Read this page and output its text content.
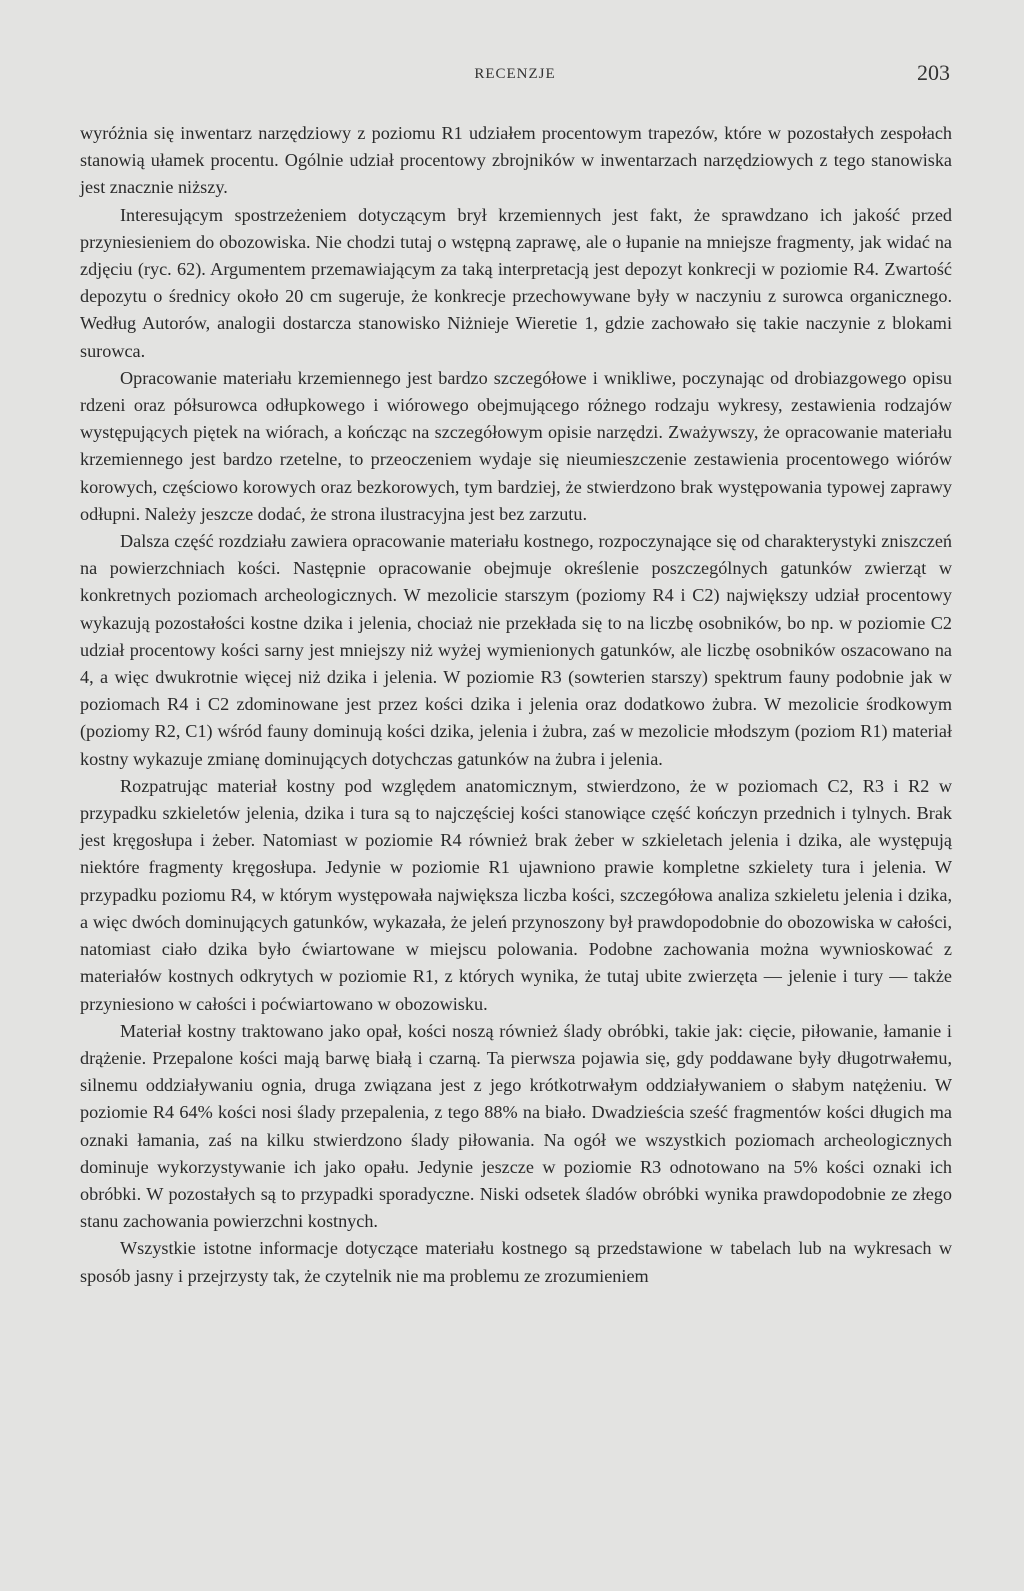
RECENZJE	203

wyróżnia się inwentarz narzędziowy z poziomu R1 udziałem procentowym trapezów, które w pozostałych zespołach stanowią ułamek procentu. Ogólnie udział procentowy zbrojników w inwentarzach narzędziowych z tego stanowiska jest znacznie niższy.

Interesującym spostrzeżeniem dotyczącym brył krzemiennych jest fakt, że sprawdzano ich jakość przed przyniesieniem do obozowiska. Nie chodzi tutaj o wstępną zaprawę, ale o łupanie na mniejsze fragmenty, jak widać na zdjęciu (ryc. 62). Argumentem przemawiającym za taką interpretacją jest depozyt konkrecji w poziomie R4. Zwartość depozytu o średnicy około 20 cm sugeruje, że konkrecje przechowywane były w naczyniu z surowca organicznego. Według Autorów, analogii dostarcza stanowisko Niżnieje Wieretie 1, gdzie zachowało się takie naczynie z blokami surowca.

Opracowanie materiału krzemiennego jest bardzo szczegółowe i wnikliwe, poczynając od drobiazgowego opisu rdzeni oraz półsurowca odłupkowego i wiórowego obejmującego różnego rodzaju wykresy, zestawienia rodzajów występujących piętek na wiórach, a kończąc na szczegółowym opisie narzędzi. Zważywszy, że opracowanie materiału krzemiennego jest bardzo rzetelne, to przeoczeniem wydaje się nieumieszczenie zestawienia procentowego wiórów korowych, częściowo korowych oraz bezkorowych, tym bardziej, że stwierdzono brak występowania typowej zaprawy odłupni. Należy jeszcze dodać, że strona ilustracyjna jest bez zarzutu.

Dalsza część rozdziału zawiera opracowanie materiału kostnego, rozpoczynające się od charakterystyki zniszczeń na powierzchniach kości. Następnie opracowanie obejmuje określenie poszczególnych gatunków zwierząt w konkretnych poziomach archeologicznych. W mezolicie starszym (poziomy R4 i C2) największy udział procentowy wykazują pozostałości kostne dzika i jelenia, chociaż nie przekłada się to na liczbę osobników, bo np. w poziomie C2 udział procentowy kości sarny jest mniejszy niż wyżej wymienionych gatunków, ale liczbę osobników oszacowano na 4, a więc dwukrotnie więcej niż dzika i jelenia. W poziomie R3 (sowterien starszy) spektrum fauny podobnie jak w poziomach R4 i C2 zdominowane jest przez kości dzika i jelenia oraz dodatkowo żubra. W mezolicie środkowym (poziomy R2, C1) wśród fauny dominują kości dzika, jelenia i żubra, zaś w mezolicie młodszym (poziom R1) materiał kostny wykazuje zmianę dominujących dotychczas gatunków na żubra i jelenia.

Rozpatrując materiał kostny pod względem anatomicznym, stwierdzono, że w poziomach C2, R3 i R2 w przypadku szkieletów jelenia, dzika i tura są to najczęściej kości stanowiące część kończyn przednich i tylnych. Brak jest kręgosłupa i żeber. Natomiast w poziomie R4 również brak żeber w szkieletach jelenia i dzika, ale występują niektóre fragmenty kręgosłupa. Jedynie w poziomie R1 ujawniono prawie kompletne szkielety tura i jelenia. W przypadku poziomu R4, w którym występowała największa liczba kości, szczegółowa analiza szkieletu jelenia i dzika, a więc dwóch dominujących gatunków, wykazała, że jeleń przynoszony był prawdopodobnie do obozowiska w całości, natomiast ciało dzika było ćwiartowane w miejscu polowania. Podobne zachowania można wywnioskować z materiałów kostnych odkrytych w poziomie R1, z których wynika, że tutaj ubite zwierzęta — jelenie i tury — także przyniesiono w całości i poćwiartowano w obozowisku.

Materiał kostny traktowano jako opał, kości noszą również ślady obróbki, takie jak: cięcie, piłowanie, łamanie i drążenie. Przepalone kości mają barwę białą i czarną. Ta pierwsza pojawia się, gdy poddawane były długotrwałemu, silnemu oddziaływaniu ognia, druga związana jest z jego krótkotrwałym oddziaływaniem o słabym natężeniu. W poziomie R4 64% kości nosi ślady przepalenia, z tego 88% na biało. Dwadzieścia sześć fragmentów kości długich ma oznaki łamania, zaś na kilku stwierdzono ślady piłowania. Na ogół we wszystkich poziomach archeologicznych dominuje wykorzystywanie ich jako opału. Jedynie jeszcze w poziomie R3 odnotowano na 5% kości oznaki ich obróbki. W pozostałych są to przypadki sporadyczne. Niski odsetek śladów obróbki wynika prawdopodobnie ze złego stanu zachowania powierzchni kostnych.

Wszystkie istotne informacje dotyczące materiału kostnego są przedstawione w tabelach lub na wykresach w sposób jasny i przejrzysty tak, że czytelnik nie ma problemu ze zrozumieniem
